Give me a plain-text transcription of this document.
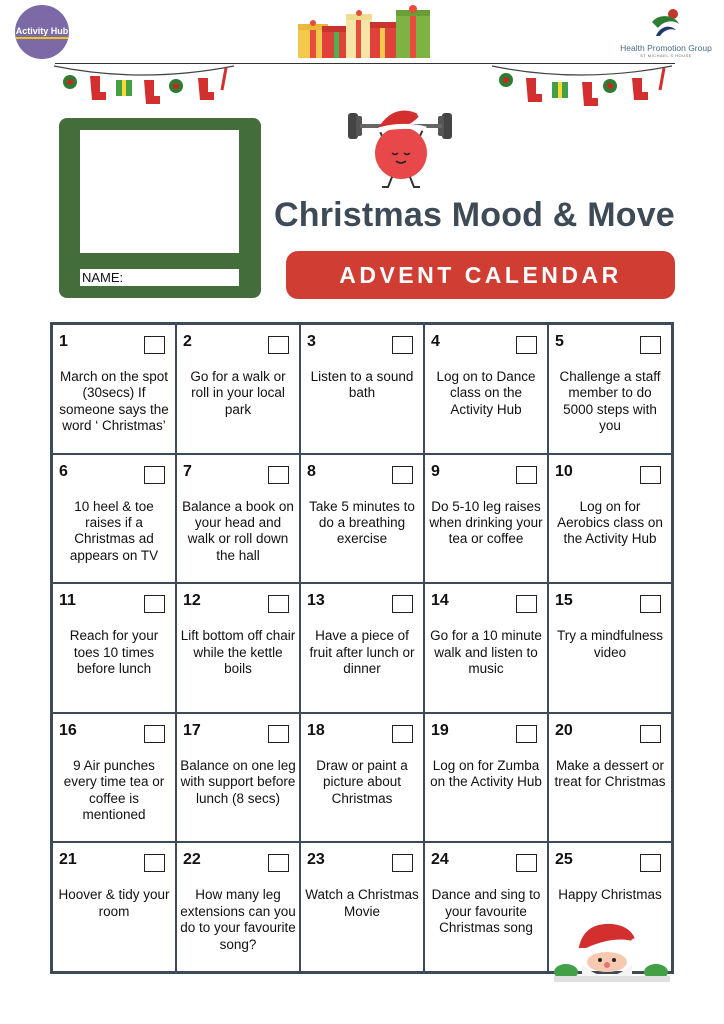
Activity Hub
Health Promotion Group
ST MICHAEL'S HOUSE
NAME:
Christmas Mood & Move
ADVENT CALENDAR
1
March on the spot (30secs) If someone says the word ‘ Christmas’
2
Go for a walk or roll in your local park
3
Listen to a sound bath
4
Log on to Dance class on the Activity Hub
5
Challenge a staff member to do 5000 steps with you
6
10 heel & toe raises if a Christmas ad appears on TV
7
Balance a book on your head and walk or roll down the hall
8
Take 5 minutes to do a breathing exercise
9
Do 5-10 leg raises when drinking your tea or coffee
10
Log on for Aerobics class on the Activity Hub
11
Reach for your toes 10 times before lunch
12
Lift bottom off chair while the kettle boils
13
Have a piece of fruit after lunch or dinner
14
Go for a 10 minute walk and listen to music
15
Try a mindfulness video
16
9 Air punches every time tea or coffee is mentioned
17
Balance on one leg with support before lunch (8 secs)
18
Draw or paint a picture about Christmas
19
Log on for Zumba on the Activity Hub
20
Make a dessert or treat for Christmas
21
Hoover & tidy your room
22
How many leg extensions can you do to your favourite song?
23
Watch a Christmas Movie
24
Dance and sing to your favourite Christmas song
25
Happy Christmas
